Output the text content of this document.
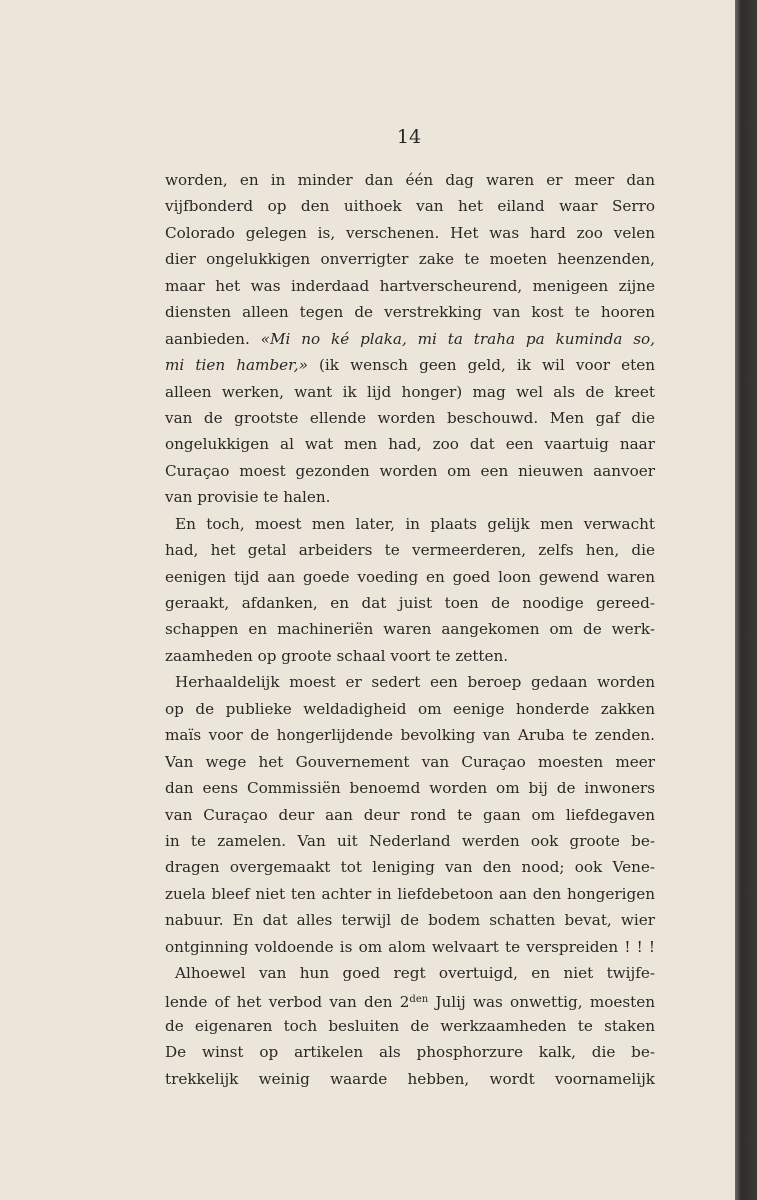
14
worden, en in minder dan één dag waren er meer dan
vijfbonderd op den uithoek van het eiland waar Serro
Colorado gelegen is, verschenen. Het was hard zoo velen
dier ongelukkigen onverrigter zake te moeten heenzenden,
maar het was inderdaad hartverscheurend, menigeen zijne
diensten alleen tegen de verstrekking van kost te hooren
aanbieden. «Mi no ké plaka, mi ta traha pa kuminda so,
mi tien hamber,» (ik wensch geen geld, ik wil voor eten
alleen werken, want ik lijd honger) mag wel als de kreet
van de grootste ellende worden beschouwd. Men gaf die
ongelukkigen al wat men had, zoo dat een vaartuig naar
Curaçao moest gezonden worden om een nieuwen aanvoer
van provisie te halen.
En toch, moest men later, in plaats gelijk men verwacht
had, het getal arbeiders te vermeerderen, zelfs hen, die
eenigen tijd aan goede voeding en goed loon gewend waren
geraakt, afdanken, en dat juist toen de noodige gereed-
schappen en machineriën waren aangekomen om de werk-
zaamheden op groote schaal voort te zetten.
Herhaaldelijk moest er sedert een beroep gedaan worden
op de publieke weldadigheid om eenige honderde zakken
maïs voor de hongerlijdende bevolking van Aruba te zenden.
Van wege het Gouvernement van Curaçao moesten meer
dan eens Commissiën benoemd worden om bij de inwoners
van Curaçao deur aan deur rond te gaan om liefdegaven
in te zamelen. Van uit Nederland werden ook groote be-
dragen overgemaakt tot leniging van den nood; ook Vene-
zuela bleef niet ten achter in liefdebetoon aan den hongerigen
nabuur. En dat alles terwijl de bodem schatten bevat, wier
ontginning voldoende is om alom welvaart te verspreiden ! ! !
Alhoewel van hun goed regt overtuigd, en niet twijfe-
lende of het verbod van den $2^{den}$ Julij was onwettig, moesten
de eigenaren toch besluiten de werkzaamheden te staken
De winst op artikelen als phosphorzure kalk, die be-
trekkelijk weinig waarde hebben, wordt voornamelijk
